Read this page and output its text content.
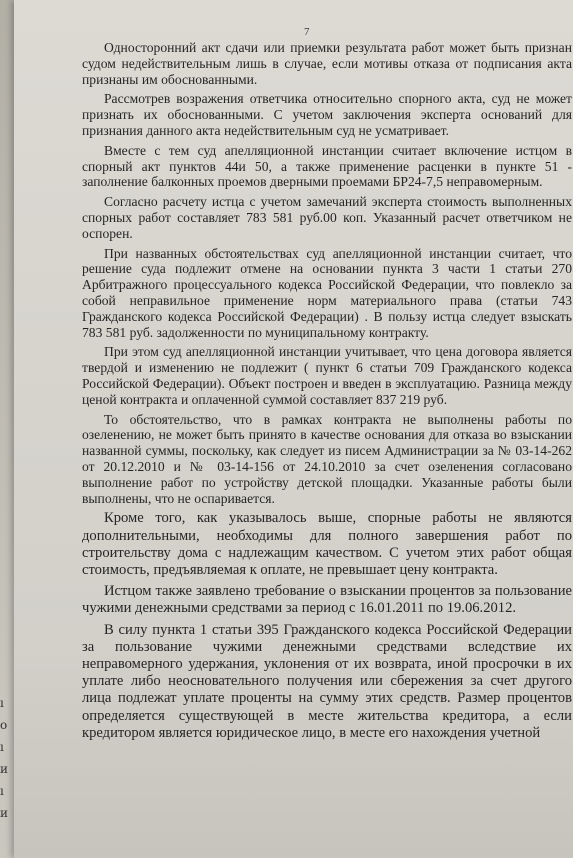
ı
о
ı и
ı и
7

Односторонний акт сдачи или приемки результата работ может быть признан судом недействительным лишь в случае, если мотивы отказа от подписания акта признаны им обоснованными.

Рассмотрев возражения ответчика относительно спорного акта, суд не может признать их обоснованными. С учетом заключения эксперта оснований для признания данного акта недействительным суд не усматривает.

Вместе с тем суд апелляционной инстанции считает включение истцом в спорный акт пунктов 44и 50, а также применение расценки в пункте 51 - заполнение балконных проемов дверными проемами БР24-7,5 неправомерным.

Согласно расчету истца с учетом замечаний эксперта стоимость выполненных спорных работ составляет 783 581 руб.00 коп. Указанный расчет ответчиком не оспорен.

При названных обстоятельствах суд апелляционной инстанции считает, что решение суда подлежит отмене на основании пункта 3 части 1 статьи 270 Арбитражного процессуального кодекса Российской Федерации, что повлекло за собой неправильное применение норм материального права (статьи 743 Гражданского кодекса Российской Федерации) . В пользу истца следует взыскать 783 581 руб. задолженности по муниципальному контракту.

При этом суд апелляционной инстанции учитывает, что цена договора является твердой и изменению не подлежит ( пункт 6 статьи 709 Гражданского кодекса Российской Федерации). Объект построен и введен в эксплуатацию. Разница между ценой контракта и оплаченной суммой составляет 837 219 руб.

То обстоятельство, что в рамках контракта не выполнены работы по озеленению, не может быть принято в качестве основания для отказа во взыскании названной суммы, поскольку, как следует из писем Администрации за № 03-14-262 от 20.12.2010 и № 03-14-156 от 24.10.2010 за счет озеленения согласовано выполнение работ по устройству детской площадки. Указанные работы были выполнены, что не оспаривается.

Кроме того, как указывалось выше, спорные работы не являются дополнительными, необходимы для полного завершения работ по строительству дома с надлежащим качеством. С учетом этих работ общая стоимость, предъявляемая к оплате, не превышает цену контракта.

Истцом также заявлено требование о взыскании процентов за пользование чужими денежными средствами за период с 16.01.2011 по 19.06.2012.

В силу пункта 1 статьи 395 Гражданского кодекса Российской Федерации за пользование чужими денежными средствами вследствие их неправомерного удержания, уклонения от их возврата, иной просрочки в их уплате либо неосновательного получения или сбережения за счет другого лица подлежат уплате проценты на сумму этих средств. Размер процентов определяется существующей в месте жительства кредитора, а если кредитором является юридическое лицо, в месте его нахождения учетной
